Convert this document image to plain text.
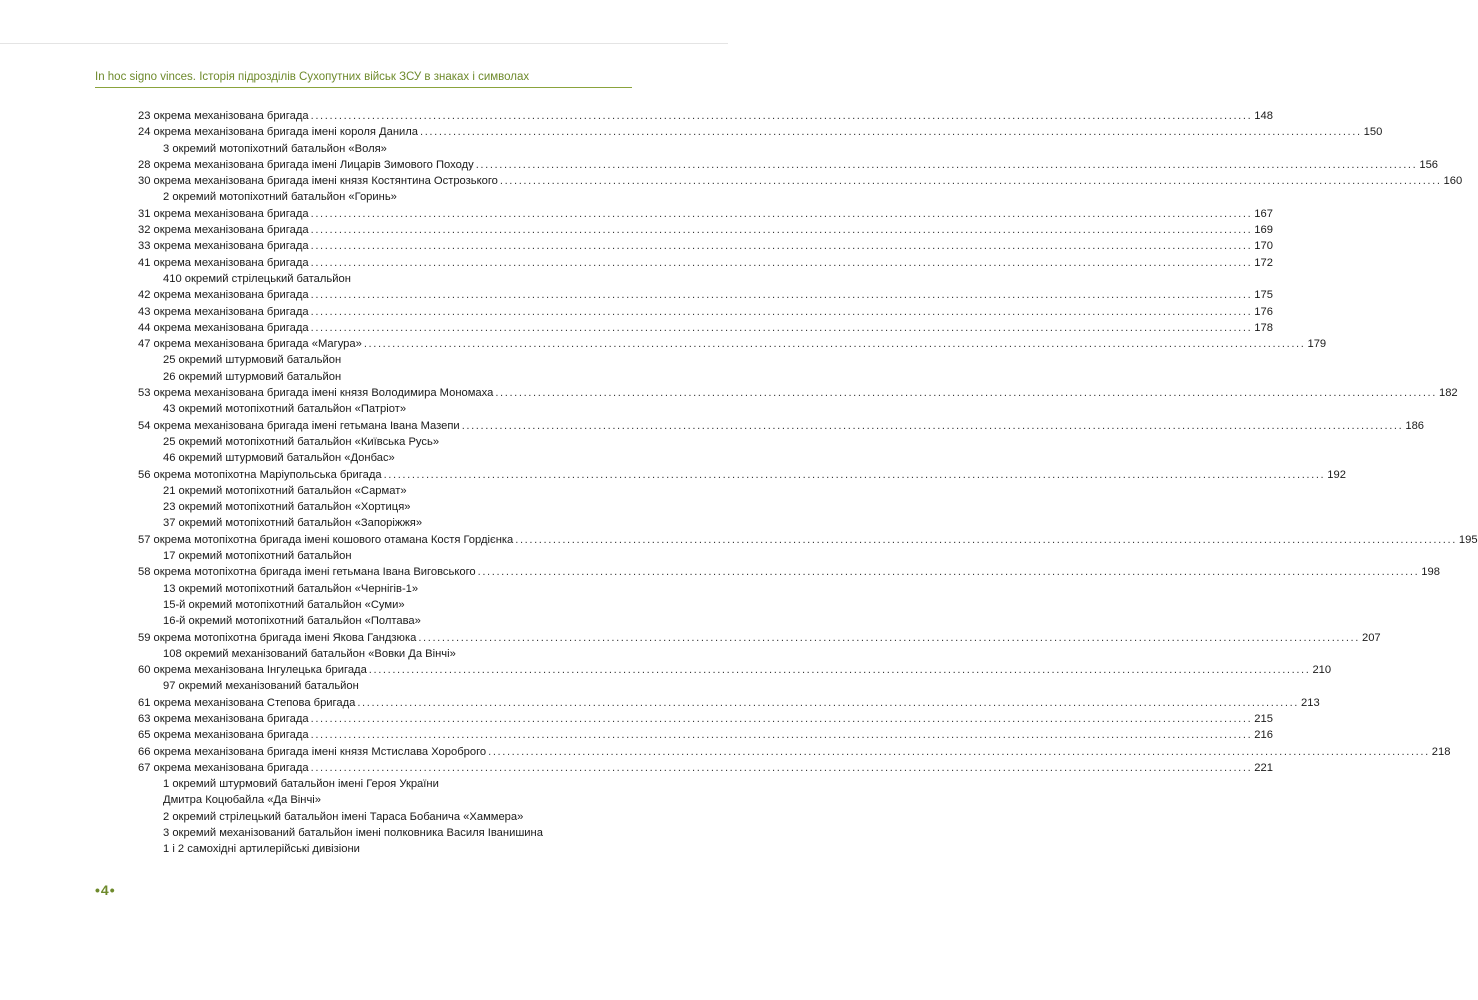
In hoc signo vinces. Історія підрозділів Сухопутних військ ЗСУ в знаках і символах
23 окрема механізована бригада ........................................................................................................................................................................................................ 148
24 окрема механізована бригада імені короля Данила ........................................................................................................................................................................................................ 150
3 окремий мотопіхотний батальйон «Воля»
28 окрема механізована бригада імені Лицарів Зимового Походу ........................................................................................................................................................................................................ 156
30 окрема механізована бригада імені князя Костянтина Острозького ........................................................................................................................................................................................................ 160
2 окремий мотопіхотний батальйон «Горинь»
31 окрема механізована бригада ........................................................................................................................................................................................................ 167
32 окрема механізована бригада ........................................................................................................................................................................................................ 169
33 окрема механізована бригада ........................................................................................................................................................................................................ 170
41 окрема механізована бригада ........................................................................................................................................................................................................ 172
410 окремий стрілецький батальйон
42 окрема механізована бригада ........................................................................................................................................................................................................ 175
43 окрема механізована бригада ........................................................................................................................................................................................................ 176
44 окрема механізована бригада ........................................................................................................................................................................................................ 178
47 окрема механізована бригада «Магура» ........................................................................................................................................................................................................ 179
25 окремий штурмовий батальйон
26 окремий штурмовий батальйон
53 окрема механізована бригада імені князя Володимира Мономаха ........................................................................................................................................................................................................ 182
43 окремий мотопіхотний батальйон «Патріот»
54 окрема механізована бригада імені гетьмана Івана Мазепи ........................................................................................................................................................................................................ 186
25 окремий мотопіхотний батальйон «Київська Русь»
46 окремий штурмовий батальйон «Донбас»
56 окрема мотопіхотна Маріупольська бригада ........................................................................................................................................................................................................ 192
21 окремий мотопіхотний батальйон «Сармат»
23 окремий мотопіхотний батальйон «Хортиця»
37 окремий мотопіхотний батальйон «Запоріжжя»
57 окрема мотопіхотна бригада імені кошового отамана Костя Гордієнка ........................................................................................................................................................................................................ 195
17 окремий мотопіхотний батальйон
58 окрема мотопіхотна бригада імені гетьмана Івана Виговського ........................................................................................................................................................................................................ 198
13 окремий мотопіхотний батальйон «Чернігів-1»
15-й окремий мотопіхотний батальйон «Суми»
16-й окремий мотопіхотний батальйон «Полтава»
59 окрема мотопіхотна бригада імені Якова Гандзюка ........................................................................................................................................................................................................ 207
108 окремий механізований батальйон «Вовки Да Вінчі»
60 окрема механізована Інгулецька бригада ........................................................................................................................................................................................................ 210
97 окремий механізований батальйон
61 окрема механізована Степова бригада ........................................................................................................................................................................................................ 213
63 окрема механізована бригада ........................................................................................................................................................................................................ 215
65 окрема механізована бригада ........................................................................................................................................................................................................ 216
66 окрема механізована бригада імені князя Мстислава Хороброго ........................................................................................................................................................................................................ 218
67 окрема механізована бригада ........................................................................................................................................................................................................ 221
1 окремий штурмовий батальйон імені Героя України
Дмитра Коцюбайла «Да Вінчі»
2 окремий стрілецький батальйон імені Тараса Бобанича «Хаммера»
3 окремий механізований батальйон імені полковника Василя Іванишина
1 і 2 самохідні артилерійські дивізіони
•4•
